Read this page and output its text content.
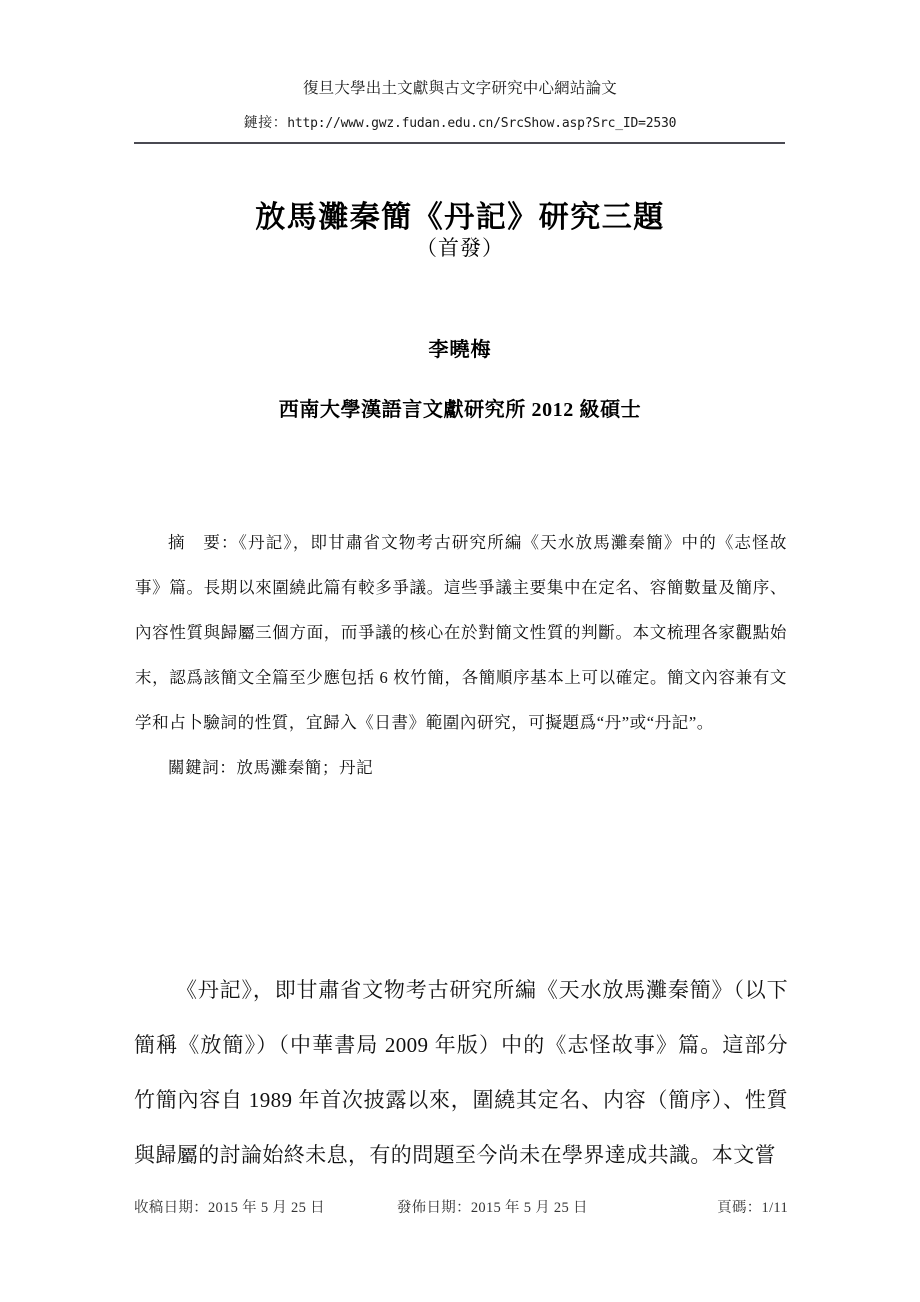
復旦大學出土文獻與古文字研究中心網站論文
鏈接：http://www.gwz.fudan.edu.cn/SrcShow.asp?Src_ID=2530
放馬灘秦簡《丹記》研究三題
（首發）
李曉梅
西南大學漢語言文獻研究所 2012 級碩士

摘　要：《丹記》，即甘肅省文物考古研究所編《天水放馬灘秦簡》中的《志怪故事》篇。長期以來圍繞此篇有較多爭議。這些爭議主要集中在定名、容簡數量及簡序、內容性質與歸屬三個方面，而爭議的核心在於對簡文性質的判斷。本文梳理各家觀點始末，認爲該簡文全篇至少應包括 6 枚竹簡，各簡順序基本上可以確定。簡文內容兼有文学和占卜驗詞的性質，宜歸入《日書》範圍內研究，可擬題爲“丹”或“丹記”。

關鍵詞：放馬灘秦簡；丹記

《丹記》，即甘肅省文物考古研究所編《天水放馬灘秦簡》（以下簡稱《放簡》）（中華書局 2009 年版）中的《志怪故事》篇。這部分竹簡內容自 1989 年首次披露以來，圍繞其定名、内容（簡序）、性質與歸屬的討論始終未息，有的問題至今尚未在學界達成共識。本文嘗

收稿日期：2015 年 5 月 25 日	發佈日期：2015 年 5 月 25 日	頁碼：1/11
